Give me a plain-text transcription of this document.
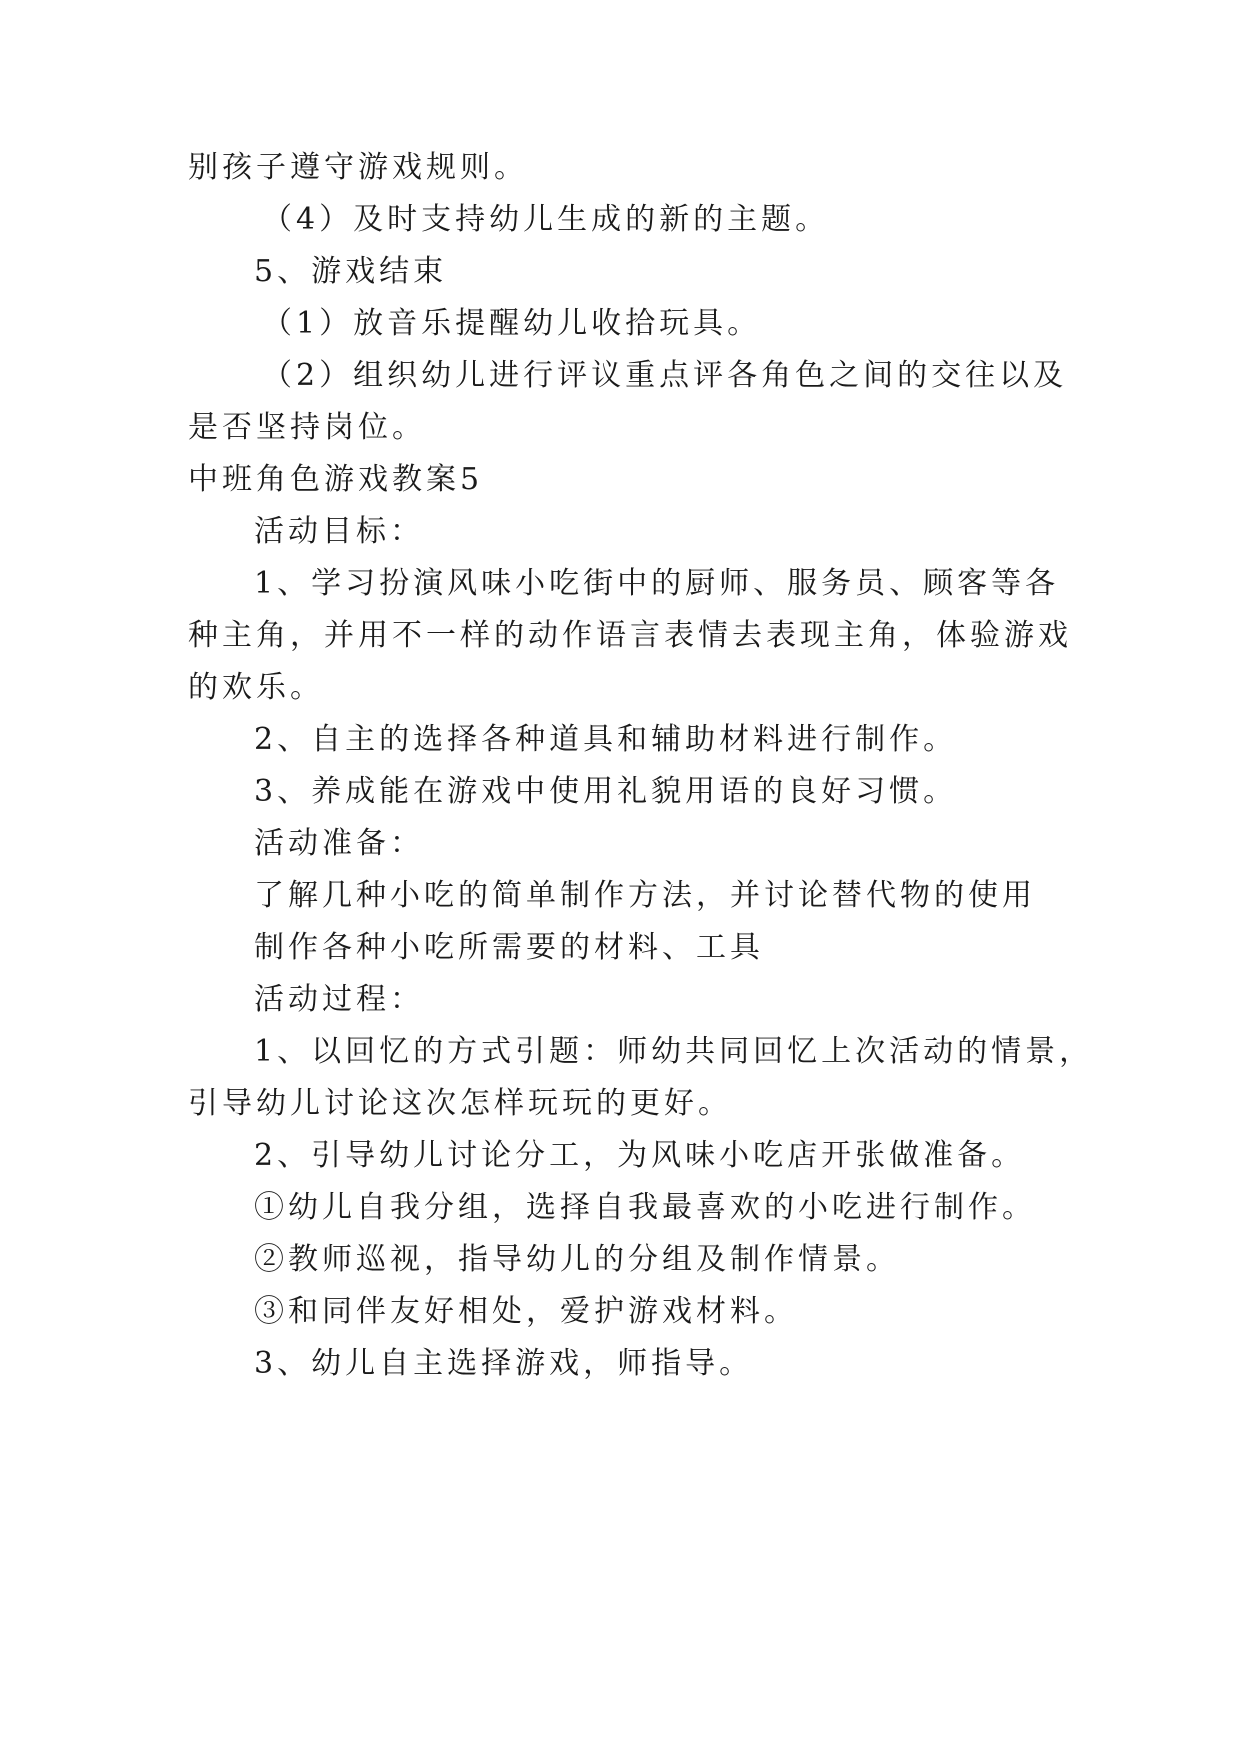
别孩子遵守游戏规则。
（4）及时支持幼儿生成的新的主题。
5、游戏结束
（1）放音乐提醒幼儿收拾玩具。
（2）组织幼儿进行评议重点评各角色之间的交往以及
是否坚持岗位。
中班角色游戏教案5
活动目标：
1、学习扮演风味小吃街中的厨师、服务员、顾客等各
种主角，并用不一样的动作语言表情去表现主角，体验游戏
的欢乐。
2、自主的选择各种道具和辅助材料进行制作。
3、养成能在游戏中使用礼貌用语的良好习惯。
活动准备：
了解几种小吃的简单制作方法，并讨论替代物的使用
制作各种小吃所需要的材料、工具
活动过程：
1、以回忆的方式引题：师幼共同回忆上次活动的情景，
引导幼儿讨论这次怎样玩玩的更好。
2、引导幼儿讨论分工，为风味小吃店开张做准备。
①幼儿自我分组，选择自我最喜欢的小吃进行制作。
②教师巡视，指导幼儿的分组及制作情景。
③和同伴友好相处，爱护游戏材料。
3、幼儿自主选择游戏，师指导。
